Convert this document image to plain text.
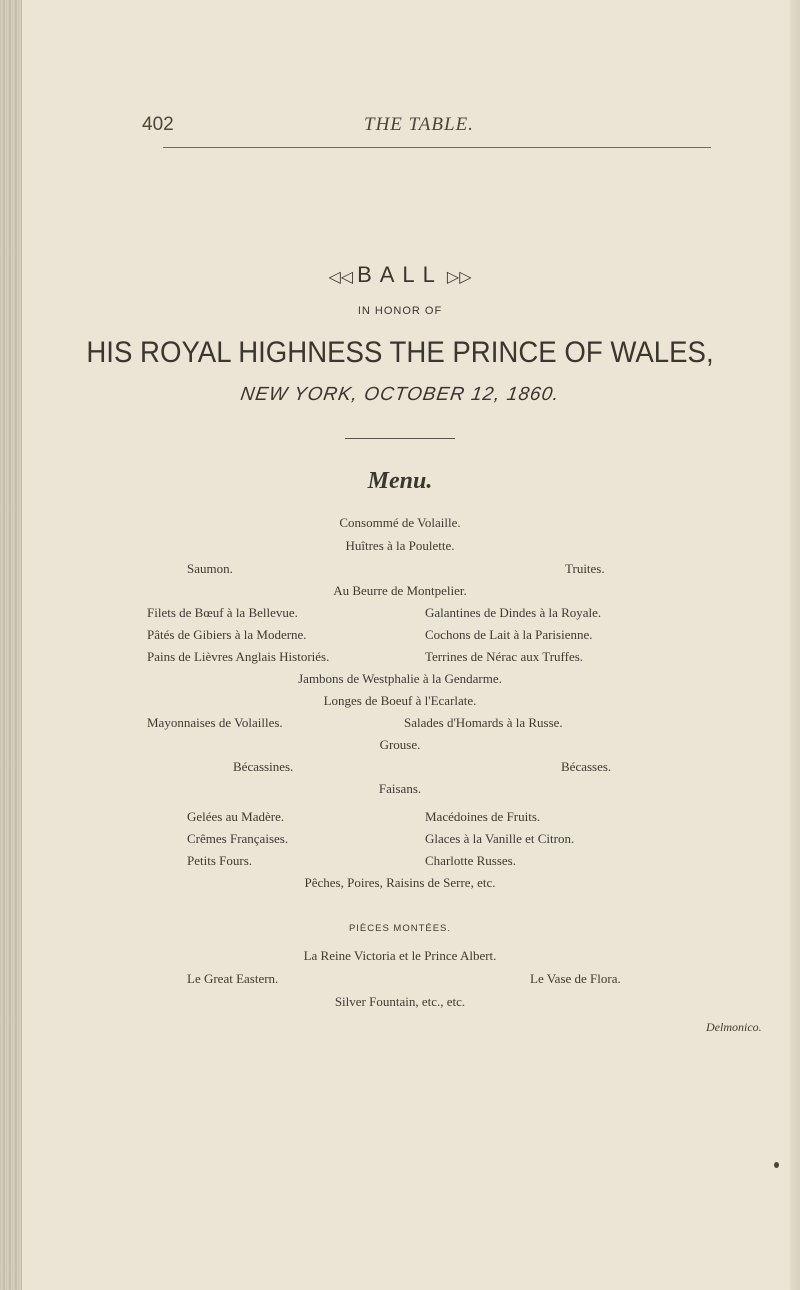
402	THE TABLE.
◁◁ BALL ▷▷
IN HONOR OF
HIS ROYAL HIGHNESS THE PRINCE OF WALES,
NEW YORK, OCTOBER 12, 1860.
Menu.
Consommé de Volaille.
Huîtres à la Poulette.
Saumon.	Truites.
Au Beurre de Montpelier.
Filets de Bœuf à la Bellevue.	Galantines de Dindes à la Royale.
Pâtés de Gibiers à la Moderne.	Cochons de Lait à la Parisienne.
Pains de Lièvres Anglais Historiés.	Terrines de Nérac aux Truffes.
Jambons de Westphalie à la Gendarme.
Longes de Boeuf à l'Ecarlate.
Mayonnaises de Volailles.	Salades d'Homards à la Russe.
Grouse.
Bécassines.	Bécasses.
Faisans.
Gelées au Madère.	Macédoines de Fruits.
Crêmes Françaises.	Glaces à la Vanille et Citron.
Petits Fours.	Charlotte Russes.
Pêches, Poires, Raisins de Serre, etc.
PIÈCES MONTÉES.
La Reine Victoria et le Prince Albert.
Le Great Eastern.	Le Vase de Flora.
Silver Fountain, etc., etc.
Delmonico.
